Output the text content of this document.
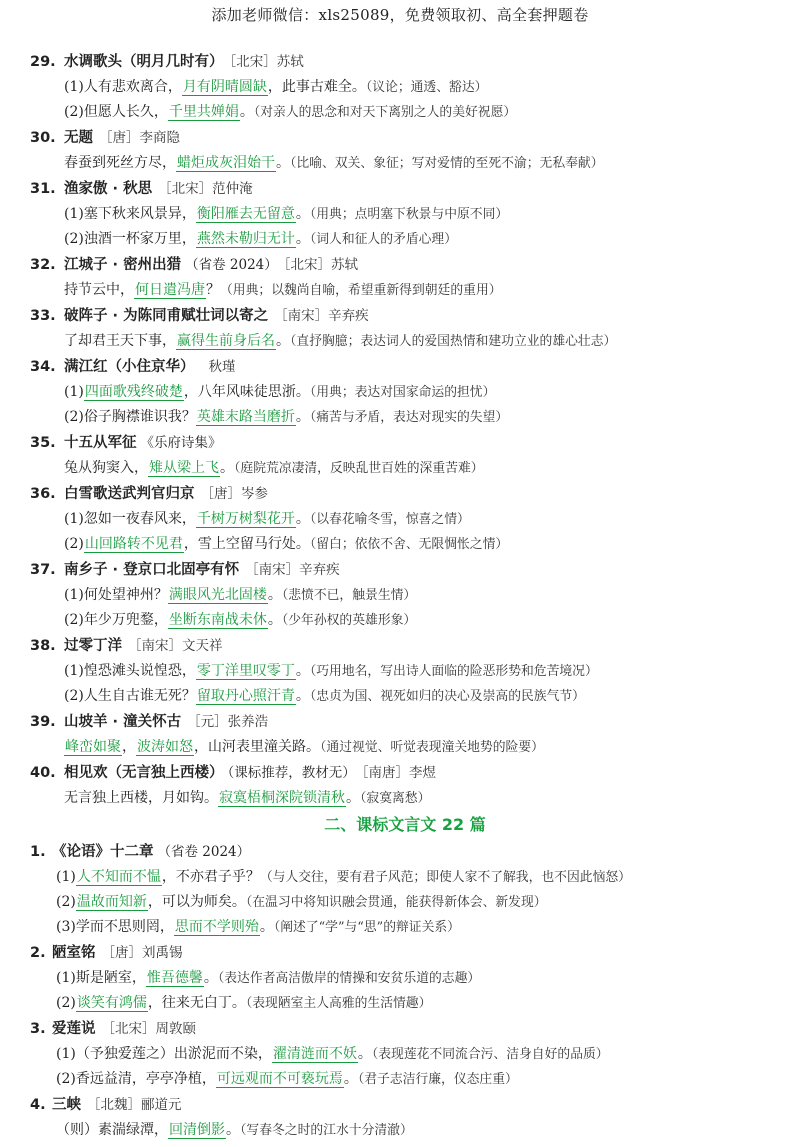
添加老师微信：xls25089，免费领取初、高全套押题卷
29. 水调歌头（明月几时有） ［北宋］苏轼
(1)人有悲欢离合，月有阴晴圆缺，此事古难全。（议论；通透、豁达）
(2)但愿人长久，千里共婵娟。（对亲人的思念和对天下离别之人的美好祝愿）
30. 无题 ［唐］李商隐
春蚕到死丝方尽，蜡炬成灰泪始干。（比喻、双关、象征；写对爱情的至死不渝；无私奉献）
31. 渔家傲 · 秋思 ［北宋］范仲淹
(1)塞下秋来风景异，衡阳雁去无留意。（用典；点明塞下秋景与中原不同）
(2)浊酒一杯家万里，燕然未勒归无计。（词人和征人的矛盾心理）
32. 江城子 · 密州出猎 （省卷 2024） ［北宋］苏轼
持节云中，何日遣冯唐？（用典；以魏尚自喻，希望重新得到朝廷的重用）
33. 破阵子 · 为陈同甫赋壮词以寄之 ［南宋］辛弃疾
了却君王天下事，赢得生前身后名。（直抒胸臆；表达词人的爱国热情和建功立业的雄心壮志）
34. 满江红（小住京华） 秋瑾
(1)四面歌残终破楚，八年风味徒思浙。（用典；表达对国家命运的担忧）
(2)俗子胸襟谁识我？英雄末路当磨折。（痛苦与矛盾，表达对现实的失望）
35. 十五从军征 《乐府诗集》
兔从狗窦入，雉从梁上飞。（庭院荒凉凄清，反映乱世百姓的深重苦难）
36. 白雪歌送武判官归京 ［唐］岑参
(1)忽如一夜春风来，千树万树梨花开。（以春花喻冬雪，惊喜之情）
(2)山回路转不见君，雪上空留马行处。（留白；依依不舍、无限惆怅之情）
37. 南乡子 · 登京口北固亭有怀 ［南宋］辛弃疾
(1)何处望神州？满眼风光北固楼。（悲愤不已，触景生情）
(2)年少万兜鍪，坐断东南战未休。（少年孙权的英雄形象）
38. 过零丁洋 ［南宋］文天祥
(1)惶恐滩头说惶恐，零丁洋里叹零丁。（巧用地名，写出诗人面临的险恶形势和危苦境况）
(2)人生自古谁无死？留取丹心照汗青。（忠贞为国、视死如归的决心及崇高的民族气节）
39. 山坡羊 · 潼关怀古 ［元］张养浩
峰峦如聚，波涛如怒，山河表里潼关路。（通过视觉、听觉表现潼关地势的险要）
40. 相见欢（无言独上西楼） （课标推荐，教材无） ［南唐］李煜
无言独上西楼，月如钩。寂寞梧桐深院锁清秋。（寂寞离愁）
二、课标文言文 22 篇
1. 《论语》十二章 （省卷 2024）
(1)人不知而不愠，不亦君子乎？（与人交往，要有君子风范；即使人家不了解我，也不因此恼怒）
(2)温故而知新，可以为师矣。（在温习中将知识融会贯通，能获得新体会、新发现）
(3)学而不思则罔，思而不学则殆。（阐述了“学”与“思”的辩证关系）
2. 陋室铭 ［唐］刘禹锡
(1)斯是陋室，惟吾德馨。（表达作者高洁傲岸的情操和安贫乐道的志趣）
(2)谈笑有鸿儒，往来无白丁。（表现陋室主人高雅的生活情趣）
3. 爱莲说 ［北宋］周敦颐
(1)（予独爱莲之）出淤泥而不染，濯清涟而不妖。（表现莲花不同流合污、洁身自好的品质）
(2)香远益清，亭亭净植，可远观而不可亵玩焉。（君子志洁行廉，仪态庄重）
4. 三峡 ［北魏］郦道元
（则）素湍绿潭，回清倒影。（写春冬之时的江水十分清澈）
